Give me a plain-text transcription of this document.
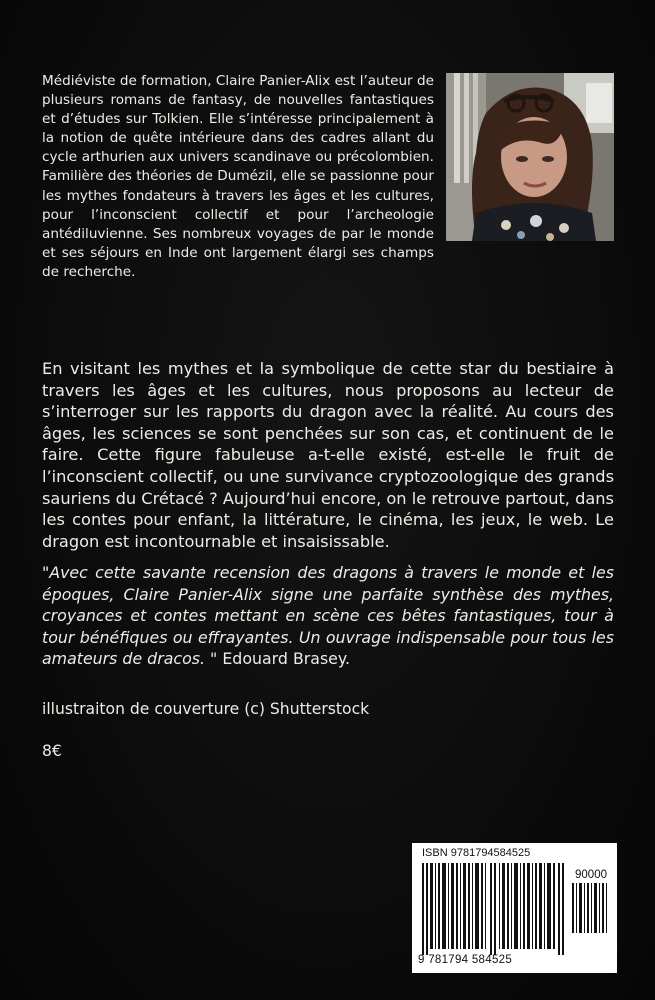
Médiéviste de formation, Claire Panier-Alix est l’auteur de plusieurs romans de fantasy, de nouvelles fantastiques et d’études sur Tolkien. Elle s’intéresse principalement à la notion de quête intérieure dans des cadres allant du cycle arthurien aux univers scandinave ou précolombien. Familière des théories de Dumézil, elle se passionne pour les mythes fondateurs à travers les âges et les cultures, pour l’inconscient collectif et pour l’archeologie antédiluvienne. Ses nombreux voyages de par le monde et ses séjours en Inde ont largement élargi ses champs de recherche.

En visitant les mythes et la symbolique de cette star du bestiaire à travers les âges et les cultures, nous proposons au lecteur de s’interroger sur les rapports du dragon avec la réalité. Au cours des âges, les sciences se sont penchées sur son cas, et continuent de le faire. Cette figure fabuleuse a-t-elle existé, est-elle le fruit de l’inconscient collectif, ou une survivance cryptozoologique des grands sauriens du Crétacé ? Aujourd’hui encore, on le retrouve partout, dans les contes pour enfant, la littérature, le cinéma, les jeux, le web. Le dragon est incontournable et insaisissable.

"Avec cette savante recension des dragons à travers le monde et les époques, Claire Panier-Alix signe une parfaite synthèse des mythes, croyances et contes mettant en scène ces bêtes fantastiques, tour à tour bénéfiques ou effrayantes. Un ouvrage indispensable pour tous les amateurs de dracos. " Edouard Brasey.

illustraiton de couverture (c) Shutterstock

8€

ISBN 9781794584525
90000
9 781794 584525
